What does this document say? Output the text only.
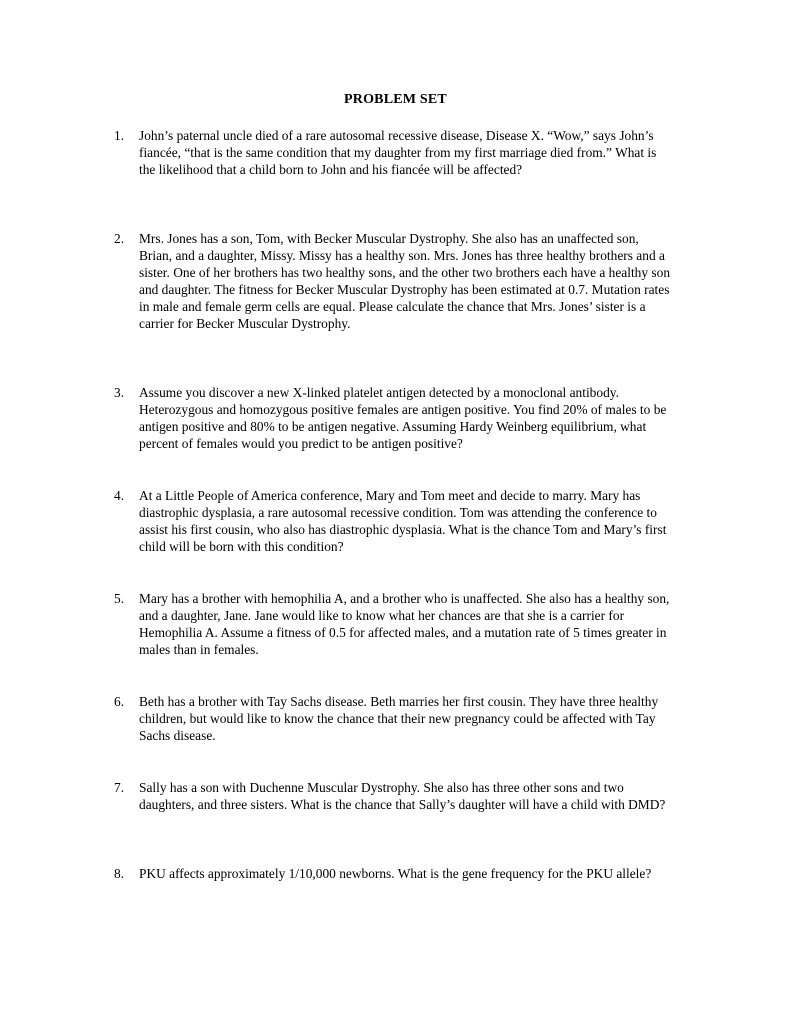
PROBLEM SET
1.	John’s paternal uncle died of a rare autosomal recessive disease, Disease X. “Wow,” says John’s fiancée, “that is the same condition that my daughter from my first marriage died from.” What is the likelihood that a child born to John and his fiancée will be affected?
2.	Mrs. Jones has a son, Tom, with Becker Muscular Dystrophy. She also has an unaffected son, Brian, and a daughter, Missy. Missy has a healthy son. Mrs. Jones has three healthy brothers and a sister. One of her brothers has two healthy sons, and the other two brothers each have a healthy son and daughter. The fitness for Becker Muscular Dystrophy has been estimated at 0.7. Mutation rates in male and female germ cells are equal. Please calculate the chance that Mrs. Jones’ sister is a carrier for Becker Muscular Dystrophy.
3.	Assume you discover a new X-linked platelet antigen detected by a monoclonal antibody. Heterozygous and homozygous positive females are antigen positive. You find 20% of males to be antigen positive and 80% to be antigen negative. Assuming Hardy Weinberg equilibrium, what percent of females would you predict to be antigen positive?
4.	At a Little People of America conference, Mary and Tom meet and decide to marry. Mary has diastrophic dysplasia, a rare autosomal recessive condition. Tom was attending the conference to assist his first cousin, who also has diastrophic dysplasia. What is the chance Tom and Mary’s first child will be born with this condition?
5.	Mary has a brother with hemophilia A, and a brother who is unaffected. She also has a healthy son, and a daughter, Jane. Jane would like to know what her chances are that she is a carrier for Hemophilia A. Assume a fitness of 0.5 for affected males, and a mutation rate of 5 times greater in males than in females.
6.	Beth has a brother with Tay Sachs disease. Beth marries her first cousin. They have three healthy children, but would like to know the chance that their new pregnancy could be affected with Tay Sachs disease.
7.	Sally has a son with Duchenne Muscular Dystrophy. She also has three other sons and two daughters, and three sisters. What is the chance that Sally’s daughter will have a child with DMD?
8.	PKU affects approximately 1/10,000 newborns. What is the gene frequency for the PKU allele?
